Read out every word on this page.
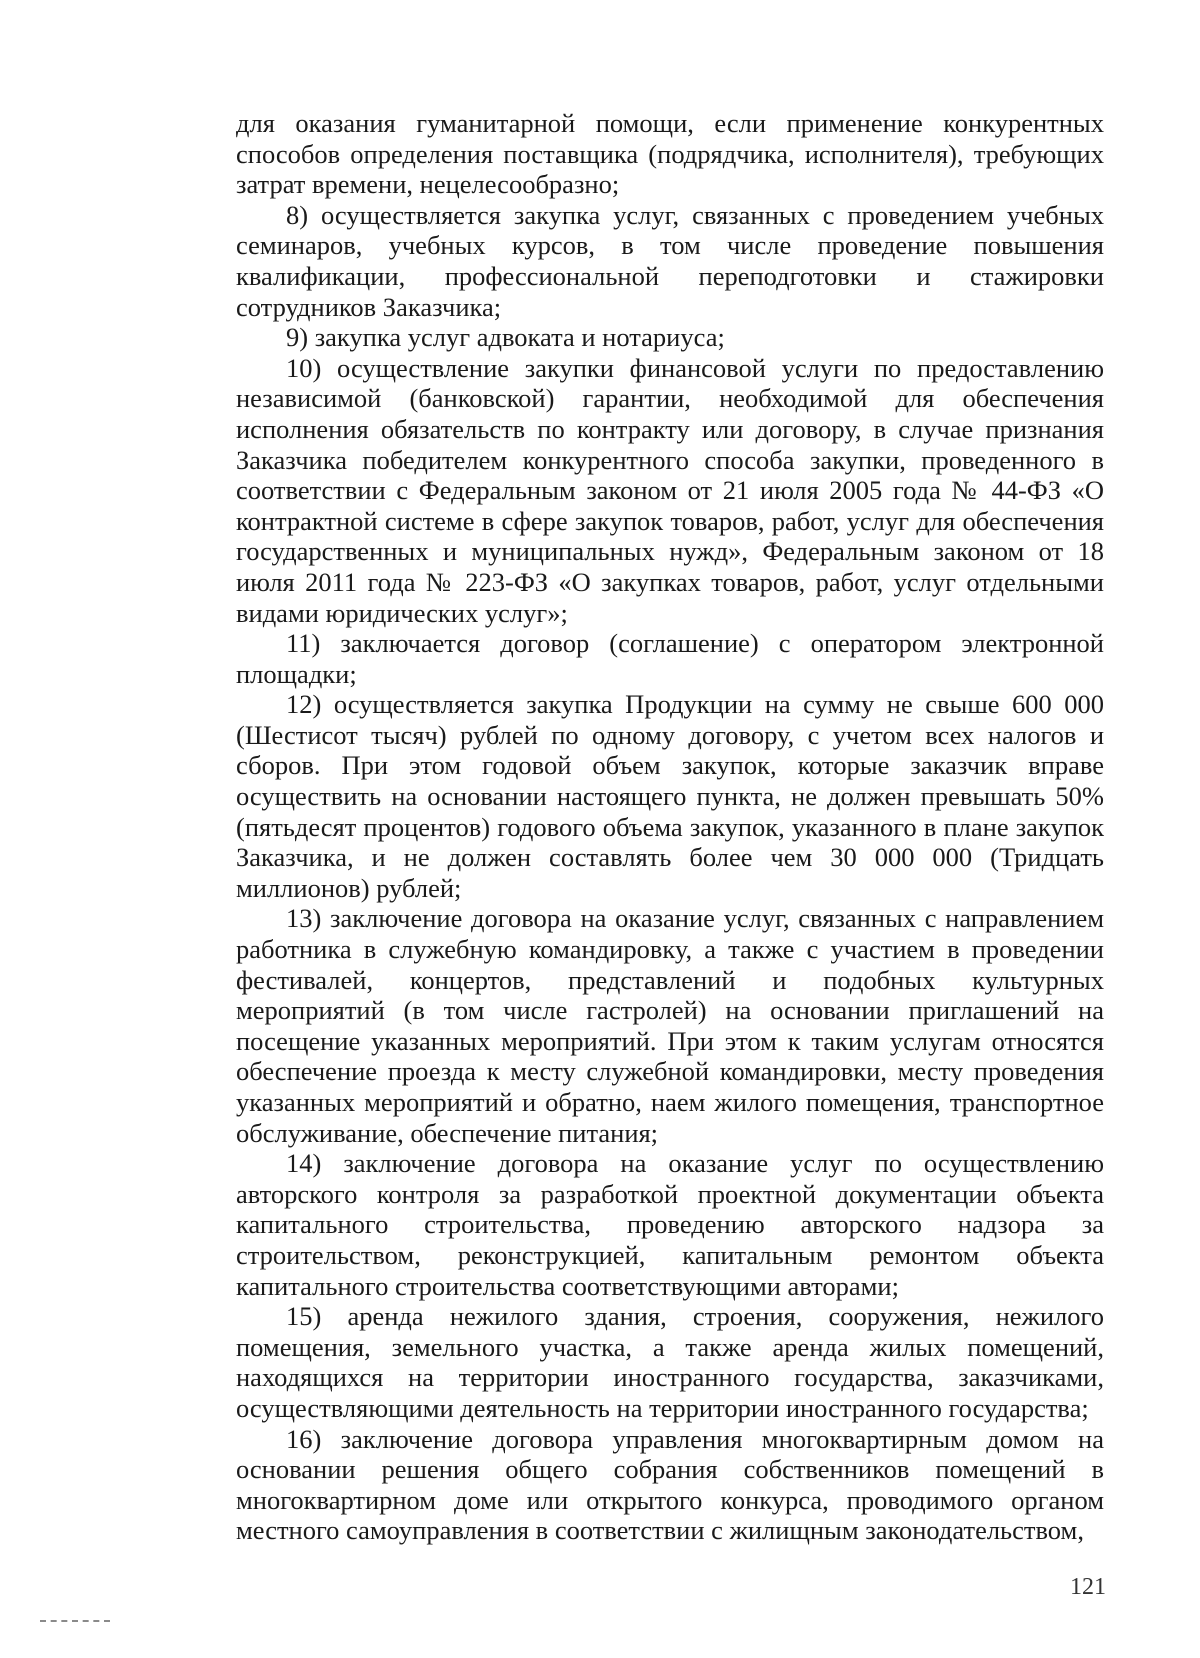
для оказания гуманитарной помощи, если применение конкурентных способов определения поставщика (подрядчика, исполнителя), требующих затрат времени, нецелесообразно;

8) осуществляется закупка услуг, связанных с проведением учебных семинаров, учебных курсов, в том числе проведение повышения квалификации, профессиональной переподготовки и стажировки сотрудников Заказчика;

9) закупка услуг адвоката и нотариуса;

10) осуществление закупки финансовой услуги по предоставлению независимой (банковской) гарантии, необходимой для обеспечения исполнения обязательств по контракту или договору, в случае признания Заказчика победителем конкурентного способа закупки, проведенного в соответствии с Федеральным законом от 21 июля 2005 года № 44-ФЗ «О контрактной системе в сфере закупок товаров, работ, услуг для обеспечения государственных и муниципальных нужд», Федеральным законом от 18 июля 2011 года № 223-ФЗ «О закупках товаров, работ, услуг отдельными видами юридических услуг»;

11) заключается договор (соглашение) с оператором электронной площадки;

12) осуществляется закупка Продукции на сумму не свыше 600 000 (Шестисот тысяч) рублей по одному договору, с учетом всех налогов и сборов. При этом годовой объем закупок, которые заказчик вправе осуществить на основании настоящего пункта, не должен превышать 50% (пятьдесят процентов) годового объема закупок, указанного в плане закупок Заказчика, и не должен составлять более чем 30 000 000 (Тридцать миллионов) рублей;

13) заключение договора на оказание услуг, связанных с направлением работника в служебную командировку, а также с участием в проведении фестивалей, концертов, представлений и подобных культурных мероприятий (в том числе гастролей) на основании приглашений на посещение указанных мероприятий. При этом к таким услугам относятся обеспечение проезда к месту служебной командировки, месту проведения указанных мероприятий и обратно, наем жилого помещения, транспортное обслуживание, обеспечение питания;

14) заключение договора на оказание услуг по осуществлению авторского контроля за разработкой проектной документации объекта капитального строительства, проведению авторского надзора за строительством, реконструкцией, капитальным ремонтом объекта капитального строительства соответствующими авторами;

15) аренда нежилого здания, строения, сооружения, нежилого помещения, земельного участка, а также аренда жилых помещений, находящихся на территории иностранного государства, заказчиками, осуществляющими деятельность на территории иностранного государства;

16) заключение договора управления многоквартирным домом на основании решения общего собрания собственников помещений в многоквартирном доме или открытого конкурса, проводимого органом местного самоуправления в соответствии с жилищным законодательством,

121
